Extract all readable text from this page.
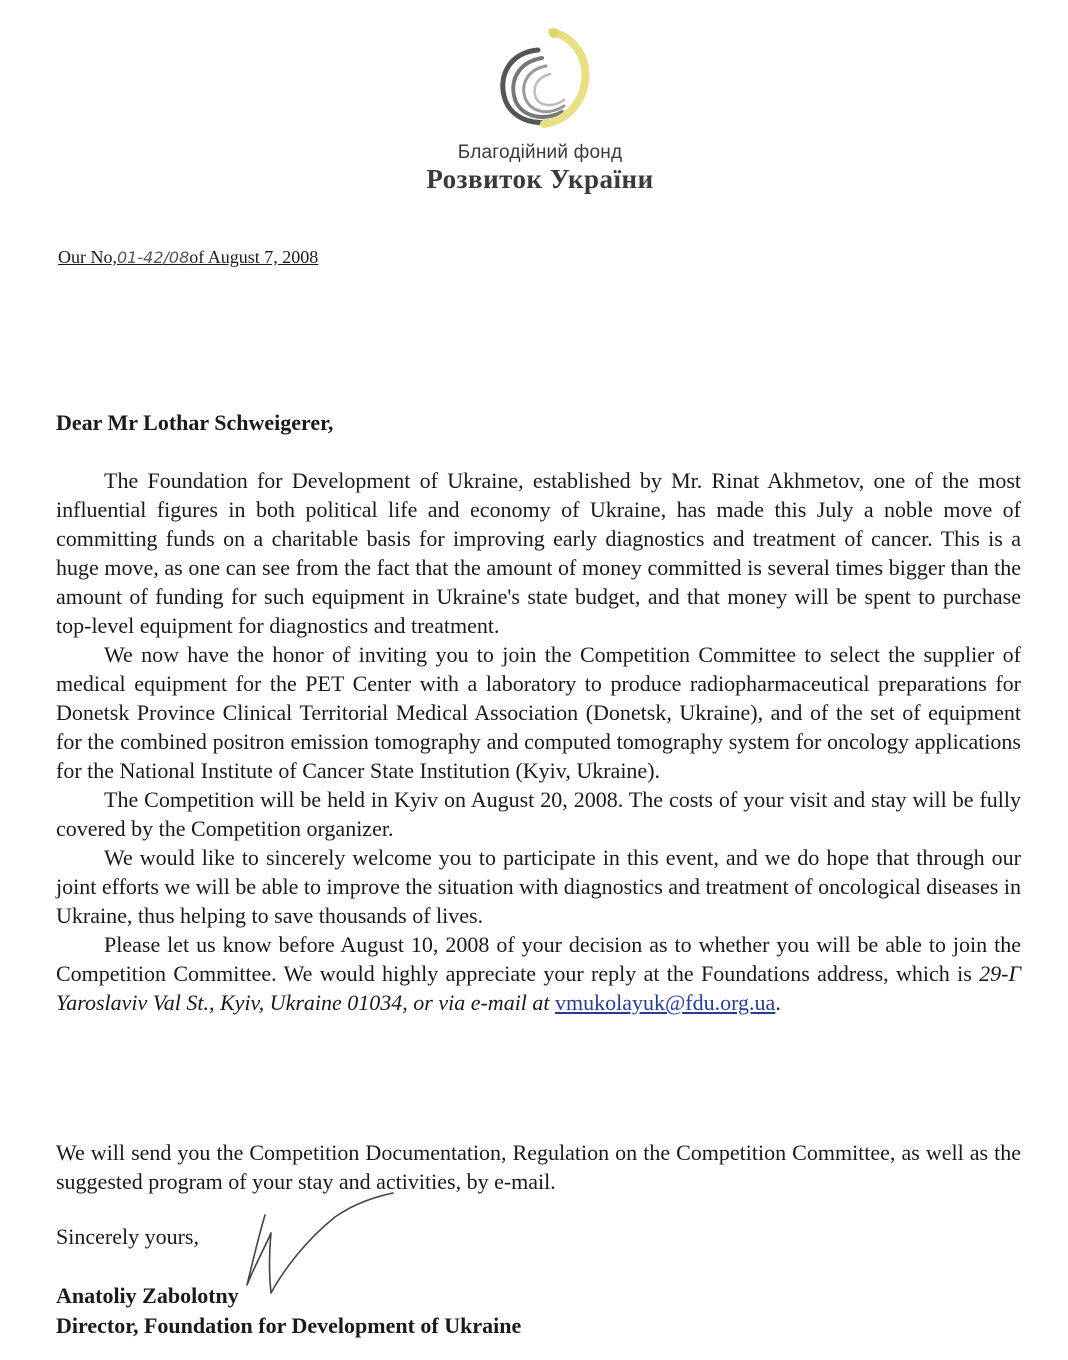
Благодійний фонд
Розвиток України
Our No,01-42/08of August 7, 2008
Dear Mr Lothar Schweigerer,

The Foundation for Development of Ukraine, established by Mr. Rinat Akhmetov, one of the most influential figures in both political life and economy of Ukraine, has made this July a noble move of committing funds on a charitable basis for improving early diagnostics and treatment of cancer. This is a huge move, as one can see from the fact that the amount of money committed is several times bigger than the amount of funding for such equipment in Ukraine's state budget, and that money will be spent to purchase top-level equipment for diagnostics and treatment.

We now have the honor of inviting you to join the Competition Committee to select the supplier of medical equipment for the PET Center with a laboratory to produce radiopharmaceutical preparations for Donetsk Province Clinical Territorial Medical Association (Donetsk, Ukraine), and of the set of equipment for the combined positron emission tomography and computed tomography system for oncology applications for the National Institute of Cancer State Institution (Kyiv, Ukraine).

The Competition will be held in Kyiv on August 20, 2008. The costs of your visit and stay will be fully covered by the Competition organizer.

We would like to sincerely welcome you to participate in this event, and we do hope that through our joint efforts we will be able to improve the situation with diagnostics and treatment of oncological diseases in Ukraine, thus helping to save thousands of lives.

Please let us know before August 10, 2008 of your decision as to whether you will be able to join the Competition Committee. We would highly appreciate your reply at the Foundations address, which is 29-Г Yaroslaviv Val St., Kyiv, Ukraine 01034, or via e-mail at vmukolayuk@fdu.org.ua.

We will send you the Competition Documentation, Regulation on the Competition Committee, as well as the suggested program of your stay and activities, by e-mail.
Sincerely yours,
Anatoliy Zabolotny
Director, Foundation for Development of Ukraine
